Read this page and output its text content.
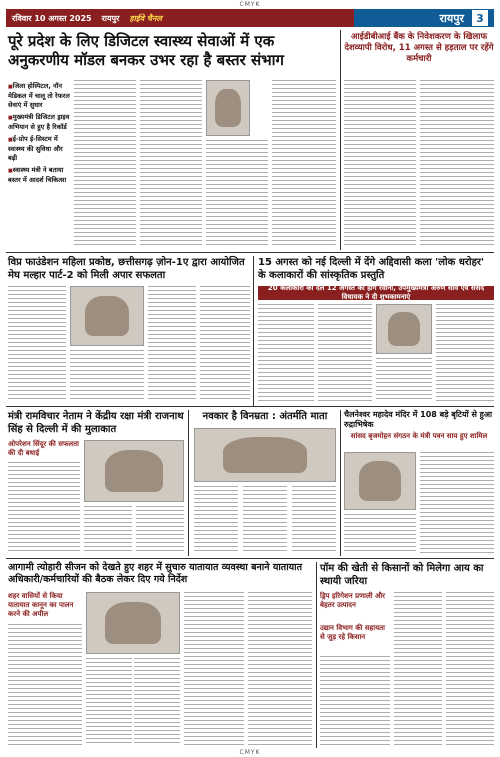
CMYK
रविवार 10 अगस्त 2025 रायपुर हाईवे चैनल	रायपुर	3
पूरे प्रदेश के लिए डिजिटल स्वास्थ्य सेवाओं में एक अनुकरणीय मॉडल बनकर उभर रहा है बस्तर संभाग
■ जिला होस्पिटल, नॉन मेडिकल में चालू तो रेफरल सेवाएं में सुधार
■ मुख्यमंत्री डिजिटल ड्राइव अभियान से हुए है रिकॉर्ड
■ ई-प्रोप ई-सिस्टम में स्वास्थ्य की सुविधा और बढ़ी
■ स्वास्थ्य मंत्री ने बताया बस्तर में आदर्श चिकित्सा
आईडीबीआई बैंक के निवेशकरण के खिलाफ देशव्यापी विरोध, 11 अगस्त से हड़ताल पर रहेंगे कर्मचारी
विप्र फाउंडेशन महिला प्रकोष्ठ, छत्तीसगढ़ ज़ोन-1ए द्वारा आयोजित मेघ मल्हार पार्ट-2 को मिली अपार सफलता
15 अगस्त को नई दिल्ली में देंगे अद्दिवासी कला 'लोक धरोहर' के कलाकारों की सांस्कृतिक प्रस्तुति
20 कलाकारों का दल 12 अगस्त को होंगे रवाना, उपमुख्यमंत्री अरुण साव एवं संसद विधायक ने दी शुभकामनाएं
मंत्री रामविचार नेताम ने केंद्रीय रक्षा मंत्री राजनाथ सिंह से दिल्ली में की मुलाकात
ओपरेशन सिंदूर की सफलता की दी बधाई
नवकार है विनम्रता : अंतर्मति माता	चैलनेश्वर महादेव मंदिर में 108 बड़े बृटियों से हुआ रुद्राभिषेक
सांसद बृजमोहन संगठन के मंत्री पवन साय हुए शामिल
आगामी त्योहारी सीजन को देखते हुए शहर में सुचारु यातायात व्यवस्था बनाने यातायात अधिकारी/कर्मचारियों की बैठक लेकर दिए गये निर्देश
शहर वासियों से किया यातायात कानून का पालन करने की अपील
पॉम की खेती से किसानों को मिलेगा आय का स्थायी जरिया
ड्रिप इरिगेशन प्रणाली और बेहतर उत्पादन
उद्यान विभाग की सहायता से जुड़ रहे किसान
CMYK
